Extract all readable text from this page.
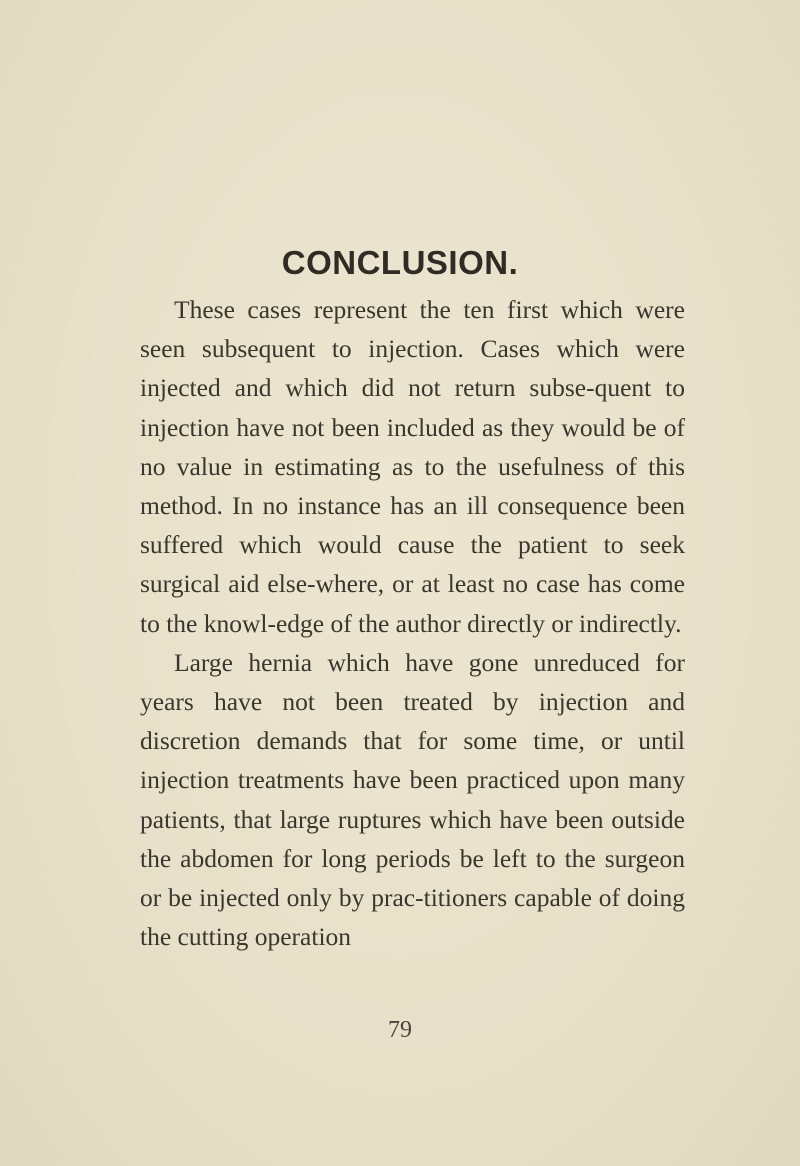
CONCLUSION.

These cases represent the ten first which were seen subsequent to injection. Cases which were injected and which did not return subse-quent to injection have not been included as they would be of no value in estimating as to the usefulness of this method. In no instance has an ill consequence been suffered which would cause the patient to seek surgical aid else-where, or at least no case has come to the knowl-edge of the author directly or indirectly.

Large hernia which have gone unreduced for years have not been treated by injection and discretion demands that for some time, or until injection treatments have been practiced upon many patients, that large ruptures which have been outside the abdomen for long periods be left to the surgeon or be injected only by prac-titioners capable of doing the cutting operation

79
